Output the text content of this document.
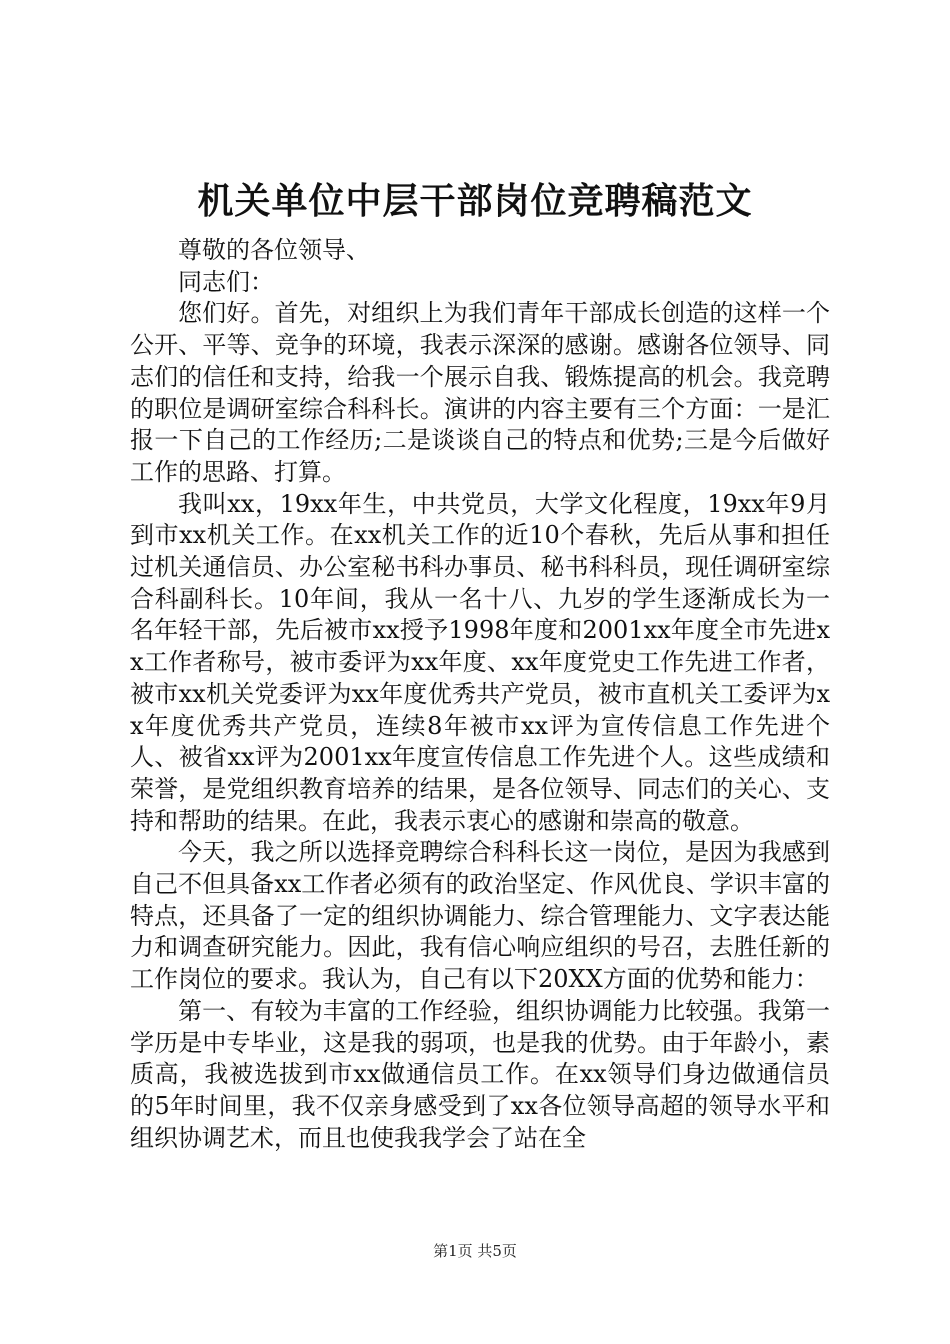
机关单位中层干部岗位竞聘稿范文

尊敬的各位领导、

同志们：

您们好。首先，对组织上为我们青年干部成长创造的这样一个公开、平等、竞争的环境，我表示深深的感谢。感谢各位领导、同志们的信任和支持，给我一个展示自我、锻炼提高的机会。我竞聘的职位是调研室综合科科长。演讲的内容主要有三个方面：一是汇报一下自己的工作经历;二是谈谈自己的特点和优势;三是今后做好工作的思路、打算。

我叫xx，19xx年生，中共党员，大学文化程度，19xx年9月到市xx机关工作。在xx机关工作的近10个春秋，先后从事和担任过机关通信员、办公室秘书科办事员、秘书科科员，现任调研室综合科副科长。10年间，我从一名十八、九岁的学生逐渐成长为一名年轻干部，先后被市xx授予1998年度和2001xx年度全市先进xx工作者称号，被市委评为xx年度、xx年度党史工作先进工作者，被市xx机关党委评为xx年度优秀共产党员，被市直机关工委评为xx年度优秀共产党员，连续8年被市xx评为宣传信息工作先进个人、被省xx评为2001xx年度宣传信息工作先进个人。这些成绩和荣誉，是党组织教育培养的结果，是各位领导、同志们的关心、支持和帮助的结果。在此，我表示衷心的感谢和崇高的敬意。

今天，我之所以选择竞聘综合科科长这一岗位，是因为我感到自己不但具备xx工作者必须有的政治坚定、作风优良、学识丰富的特点，还具备了一定的组织协调能力、综合管理能力、文字表达能力和调查研究能力。因此，我有信心响应组织的号召，去胜任新的工作岗位的要求。我认为，自己有以下20XX方面的优势和能力：

第一、有较为丰富的工作经验，组织协调能力比较强。我第一学历是中专毕业，这是我的弱项，也是我的优势。由于年龄小，素质高，我被选拔到市xx做通信员工作。在xx领导们身边做通信员的5年时间里，我不仅亲身感受到了xx各位领导高超的领导水平和组织协调艺术，而且也使我我学会了站在全

第1页 共5页
